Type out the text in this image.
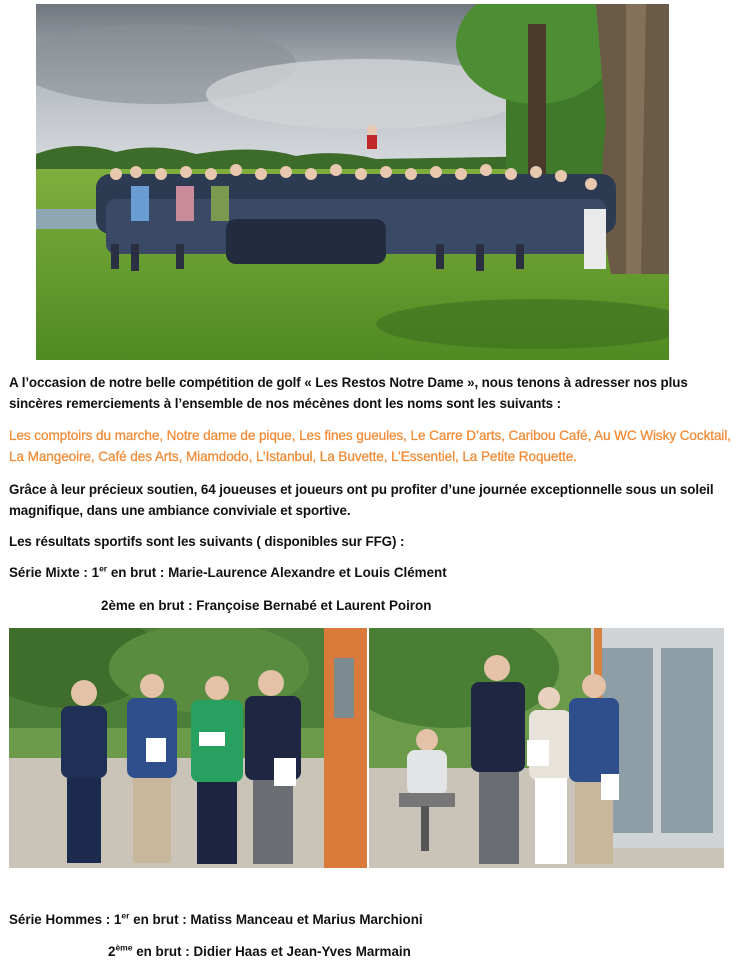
A l’occasion de notre belle compétition de golf « Les Restos Notre Dame », nous tenons à adresser nos plus sincères remerciements à l’ensemble de nos mécènes dont les noms sont les suivants :

Les comptoirs du marche, Notre dame de pique, Les fines gueules, Le Carre D’arts, Caribou Café, Au WC Wisky Cocktail, La Mangeoire, Café des Arts, Miamdodo, L’Istanbul, La Buvette, L’Essentiel, La Petite Roquette.

Grâce à leur précieux soutien, 64 joueuses et joueurs ont pu profiter d’une journée exceptionnelle sous un soleil magnifique, dans une ambiance conviviale et sportive.

Les résultats sportifs sont les suivants ( disponibles sur FFG) :

Série Mixte : 1er en brut : Marie-Laurence Alexandre et Louis Clément
2ème en brut : Françoise Bernabé et Laurent Poiron
Série Hommes : 1er en brut : Matiss Manceau et Marius Marchioni
2ème en brut : Didier Haas et Jean-Yves Marmain
